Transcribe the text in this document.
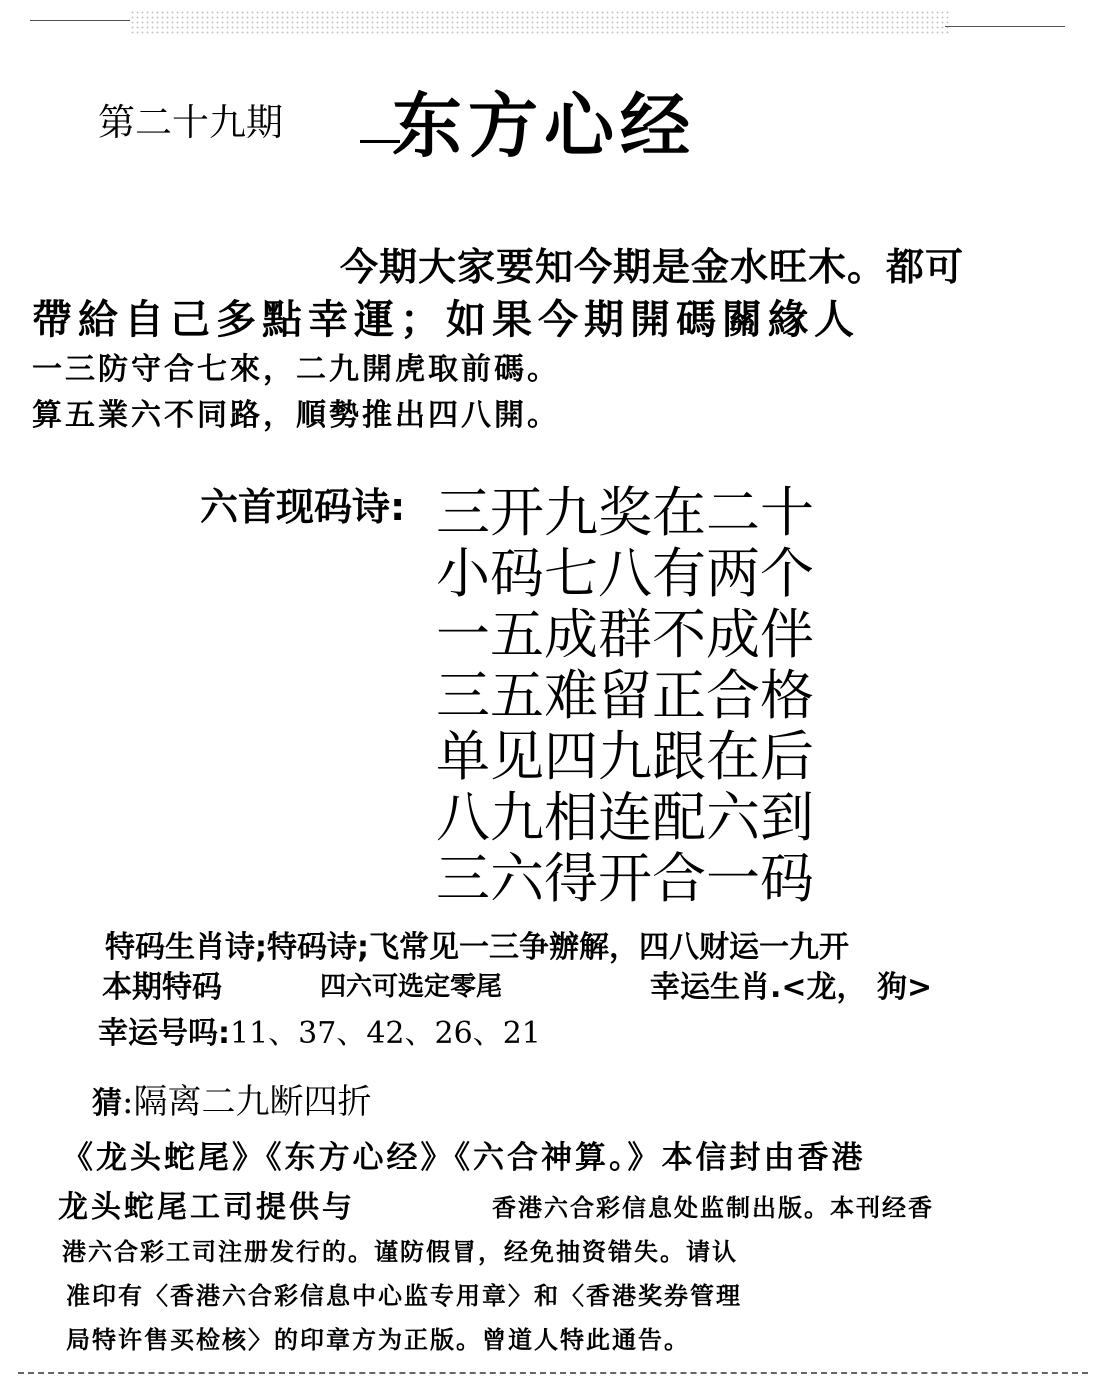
第二十九期 东方心经
今期大家要知今期是金水旺木。都可
帶給自己多點幸運；如果今期開碼關緣人
一三防守合七來，二九開虎取前碼。
算五業六不同路，順勢推出四八開。
六首现码诗: 三开九奖在二十
小码七八有两个
一五成群不成伴
三五难留正合格
单见四九跟在后
八九相连配六到
三六得开合一码
特码生肖诗;特码诗;飞常见一三争辦解，四八财运一九开
本期特码	四六可选定零尾	幸运生肖.<龙， 狗>
幸运号吗:11、37、42、26、21
猜:隔离二九断四折
《龙头蛇尾》《东方心经》《六合神算。》本信封由香港
龙头蛇尾工司提供与	香港六合彩信息处监制出版。本刊经香
港六合彩工司注册发行的。谨防假冒，经免抽资错失。请认
准印有〈香港六合彩信息中心监专用章〉和〈香港奖券管理
局特许售买检核〉的印章方为正版。曾道人特此通告。
